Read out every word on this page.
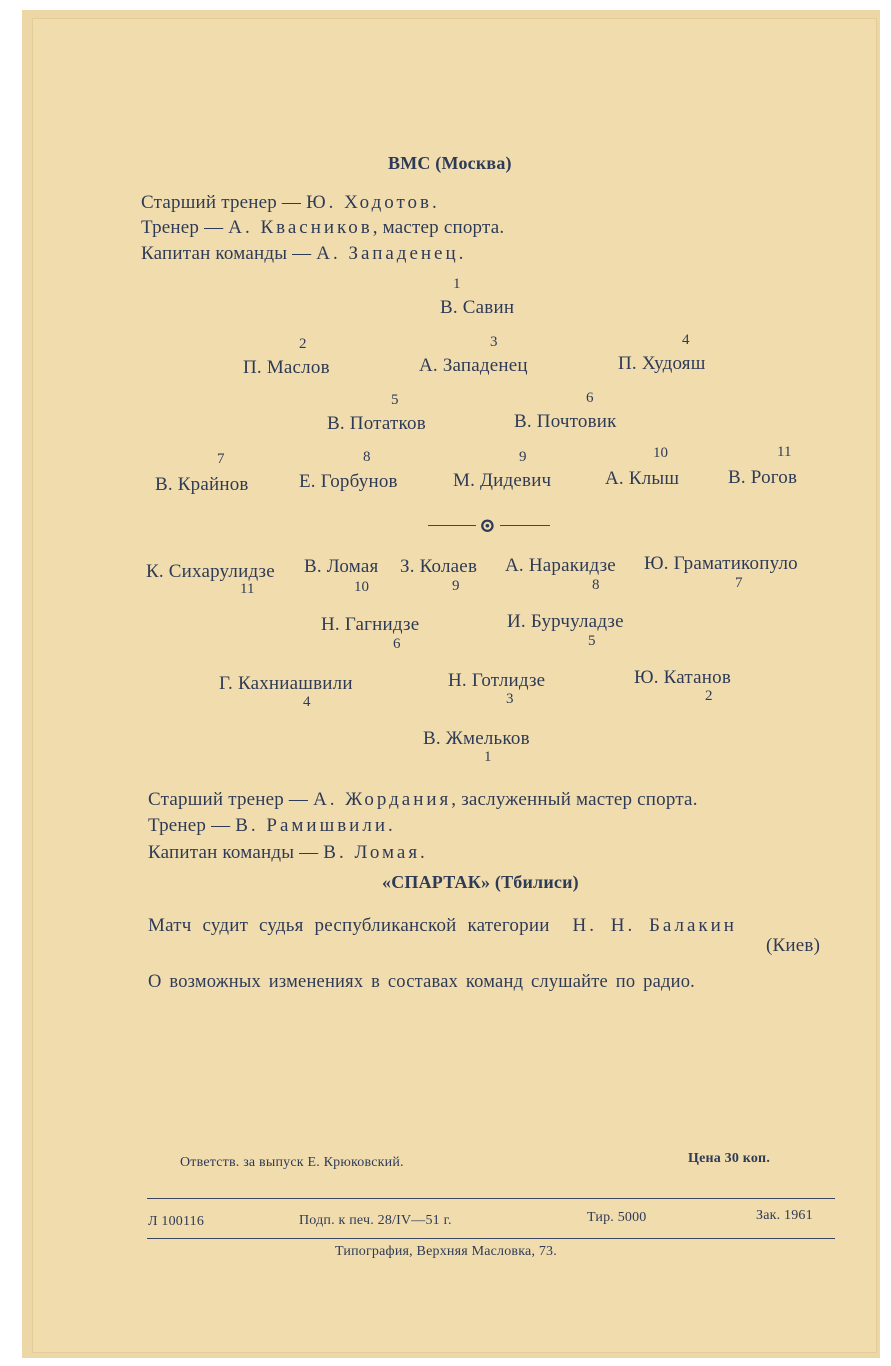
ВМС (Москва)
Старший тренер — Ю. Ходотов.
Тренер — А. Квасников, мастер спорта.
Капитан команды — А. Западенец.
1
В. Савин
2
П. Маслов
3
А. Западенец
4
П. Худояш
5
В. Потатков
6
В. Почтовик
7
В. Крайнов
8
Е. Горбунов
9
М. Дидевич
10
А. Клыш
11
В. Рогов
⊙
К. Сихарулидзе
11
В. Ломая
10
З. Колаев
9
А. Наракидзе
8
Ю. Граматикопуло
7
Н. Гагнидзе
6
И. Бурчуладзе
5
Г. Кахниашвили
4
Н. Готлидзе
3
Ю. Катанов
2
В. Жмельков
1
Старший тренер — А. Жордания, заслуженный мастер спорта.
Тренер — В. Рамишвили.
Капитан команды — В. Ломая.
«СПАРТАК» (Тбилиси)
Матч судит судья республиканской категории Н. Н. Балакин
(Киев)
О возможных изменениях в составах команд слушайте по радио.
Ответств. за выпуск Е. Крюковский.	Цена 30 коп.
Л 100116	Подп. к печ. 28/IV—51 г.	Тир. 5000	Зак. 1961
Типография, Верхняя Масловка, 73.
